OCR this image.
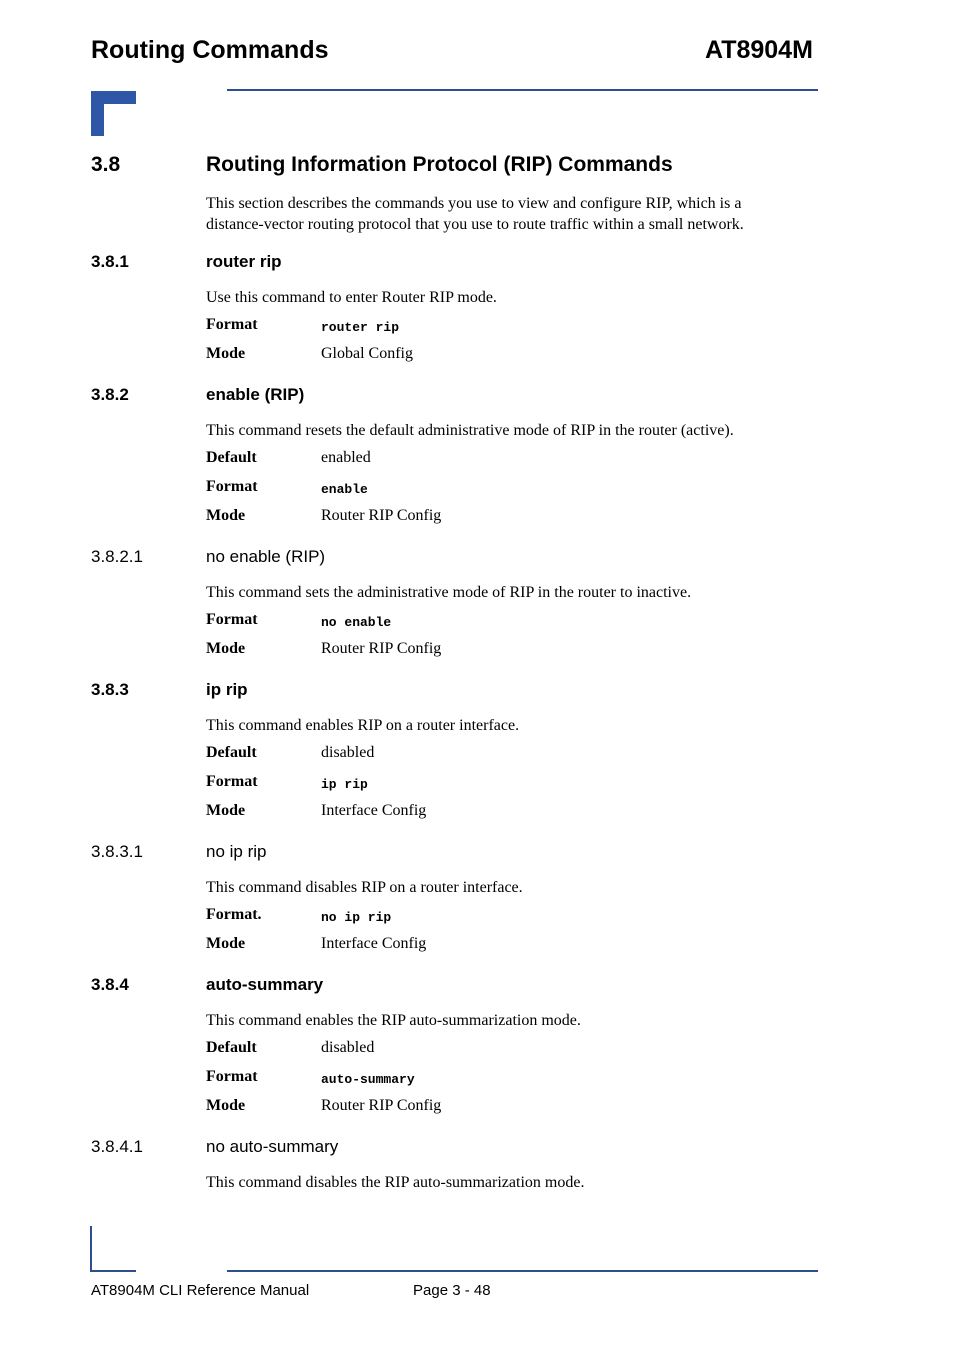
Routing Commands	AT8904M
3.8	Routing Information Protocol (RIP) Commands
This section describes the commands you use to view and configure RIP, which is a
distance-vector routing protocol that you use to route traffic within a small network.
3.8.1	router rip
Use this command to enter Router RIP mode.
Format	router rip
Mode	Global Config
3.8.2	enable (RIP)
This command resets the default administrative mode of RIP in the router (active).
Default	enabled
Format	enable
Mode	Router RIP Config
3.8.2.1	no enable (RIP)
This command sets the administrative mode of RIP in the router to inactive.
Format	no enable
Mode	Router RIP Config
3.8.3	ip rip
This command enables RIP on a router interface.
Default	disabled
Format	ip rip
Mode	Interface Config
3.8.3.1	no ip rip
This command disables RIP on a router interface.
Format.	no ip rip
Mode	Interface Config
3.8.4	auto-summary
This command enables the RIP auto-summarization mode.
Default	disabled
Format	auto-summary
Mode	Router RIP Config
3.8.4.1	no auto-summary
This command disables the RIP auto-summarization mode.
AT8904M CLI Reference Manual	Page 3 - 48
